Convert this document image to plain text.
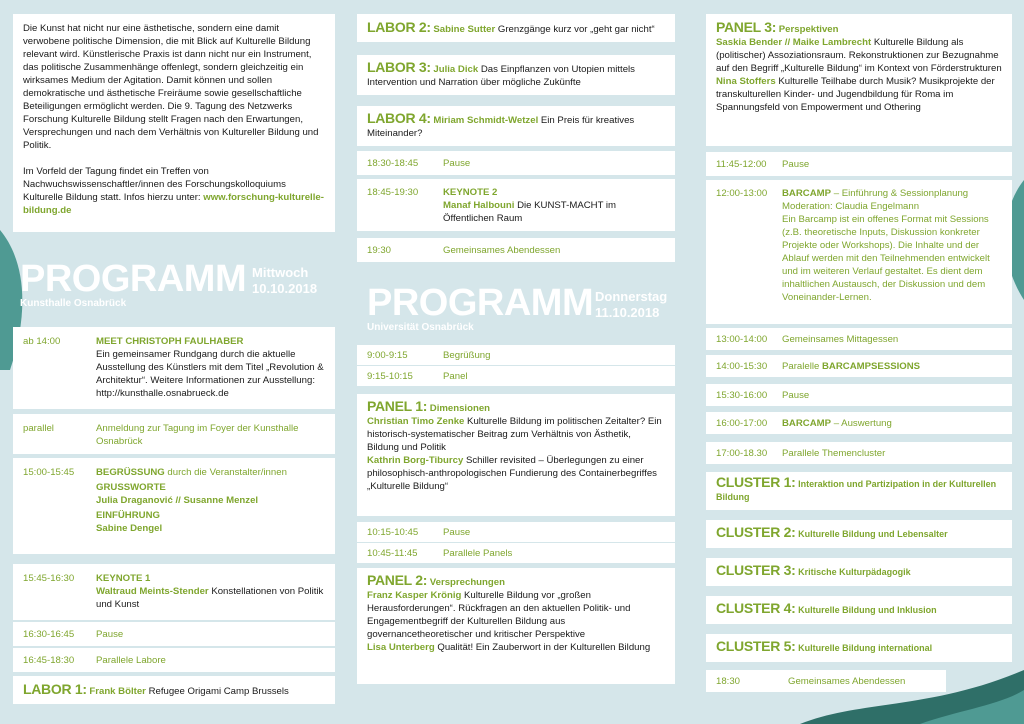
Die Kunst hat nicht nur eine ästhetische, sondern eine damit verwobene politische Dimension, die mit Blick auf Kulturelle Bildung relevant wird. Künstlerische Praxis ist dann nicht nur ein Instrument, das politische Zusammenhänge offenlegt, sondern gleichzeitig ein wirksames Medium der Agitation. Damit können und sollen demokratische und ästhetische Freiräume sowie gesellschaftliche Beteiligungen ermöglicht werden. Die 9. Tagung des Netzwerks Forschung Kulturelle Bildung stellt Fragen nach den Erwartungen, Versprechungen und nach dem Verhältnis von Kultureller Bildung und Politik.
Im Vorfeld der Tagung findet ein Treffen von Nachwuchswissenschaftler/innen des Forschungskolloquiums Kulturelle Bildung statt. Infos hierzu unter: www.forschung-kulturelle-bildung.de
PROGRAMM Mittwoch
10.10.2018
Kunsthalle Osnabrück
ab 14:00	MEET CHRISTOPH FAULHABER
Ein gemeinsamer Rundgang durch die aktuelle Ausstellung des Künstlers mit dem Titel „Revolution & Architektur“. Weitere Informationen zur Ausstellung: http://kunsthalle.osnabrueck.de
parallel	Anmeldung zur Tagung im Foyer der Kunsthalle Osnabrück
15:00-15:45 BEGRÜSSUNG durch die Veranstalter/innen
GRUSSWORTE
Julia Draganović // Susanne Menzel
EINFÜHRUNG
Sabine Dengel
15:45-16:30 KEYNOTE 1
Waltraud Meints-Stender Konstellationen von Politik und Kunst
16:30-16:45 Pause
16:45-18:30 Parallele Labore
LABOR 1: Frank Bölter Refugee Origami Camp Brussels
LABOR 2: Sabine Sutter Grenzgänge kurz vor „geht gar nicht“
LABOR 3: Julia Dick Das Einpflanzen von Utopien mittels Intervention und Narration über mögliche Zukünfte
LABOR 4: Miriam Schmidt-Wetzel Ein Preis für kreatives Miteinander?
18:30-18:45	Pause
18:45-19:30	KEYNOTE 2
Manaf Halbouni Die KUNST-MACHT im Öffentlichen Raum
19:30	Gemeinsames Abendessen
PROGRAMM Donnerstag
11.10.2018
Universität Osnabrück
9:00-9:15	Begrüßung
9:15-10:15	Panel
PANEL 1: Dimensionen
Christian Timo Zenke Kulturelle Bildung im politischen Zeitalter? Ein historisch-systematischer Beitrag zum Verhältnis von Ästhetik, Bildung und Politik
Kathrin Borg-Tiburcy Schiller revisited – Überlegungen zu einer philosophisch-anthropologischen Fundierung des Containerbegriffes „Kulturelle Bildung“
10:15-10:45	Pause
10:45-11:45	Parallele Panels
PANEL 2: Versprechungen
Franz Kasper Krönig Kulturelle Bildung vor „großen Herausforderungen“. Rückfragen an den aktuellen Politik- und Engagementbegriff der Kulturellen Bildung aus governancetheoretischer und kritischer Perspektive
Lisa Unterberg Qualität! Ein Zauberwort in der Kulturellen Bildung
PANEL 3: Perspektiven
Saskia Bender // Maike Lambrecht Kulturelle Bildung als (politischer) Assoziationsraum. Rekonstruktionen zur Bezugnahme auf den Begriff „Kulturelle Bildung“ im Kontext von Förderstrukturen
Nina Stoffers Kulturelle Teilhabe durch Musik? Musikprojekte der transkulturellen Kinder- und Jugendbildung für Roma im Spannungsfeld von Empowerment und Othering
11:45-12:00 Pause
12:00-13:00 BARCAMP – Einführung & Sessionplanung
Moderation: Claudia Engelmann
Ein Barcamp ist ein offenes Format mit Sessions (z.B. theoretische Inputs, Diskussion konkreter Projekte oder Workshops). Die Inhalte und der Ablauf werden mit den Teilnehmenden entwickelt und im weiteren Verlauf gestaltet. Es dient dem inhaltlichen Austausch, der Diskussion und dem Voneinander-Lernen.
13:00-14:00 Gemeinsames Mittagessen
14:00-15:30 Paralelle BARCAMPSESSIONS
15:30-16:00 Pause
16:00-17:00 BARCAMP – Auswertung
17:00-18.30 Parallele Themencluster
CLUSTER 1: Interaktion und Partizipation in der Kulturellen Bildung
CLUSTER 2: Kulturelle Bildung und Lebensalter
CLUSTER 3: Kritische Kulturpädagogik
CLUSTER 4: Kulturelle Bildung und Inklusion
CLUSTER 5: Kulturelle Bildung international
18:30	Gemeinsames Abendessen
